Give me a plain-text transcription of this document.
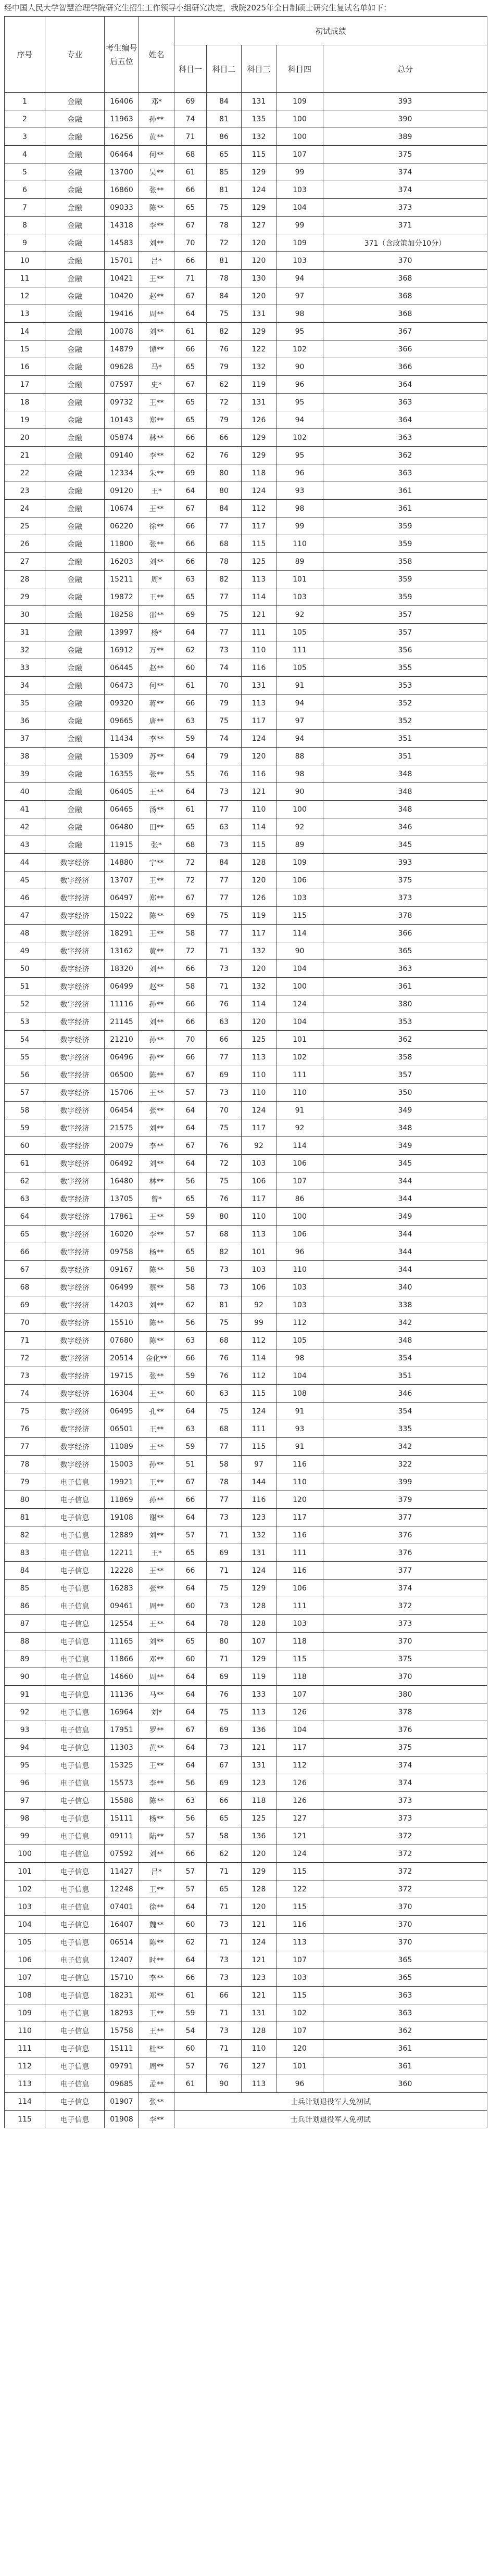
经中国人民大学智慧治理学院研究生招生工作领导小组研究决定，我院2025年全日制硕士研究生复试名单如下：
序号	专业	考生编号后五位	姓名	初试成绩				
				科目一	科目二	科目三	科目四	总分
1	金融	16406	邓*	69	84	131	109	393
2	金融	11963	孙**	74	81	135	100	390
3	金融	16256	黄**	71	86	132	100	389
4	金融	06464	何**	68	65	115	107	375
5	金融	13700	吴**	61	85	129	99	374
6	金融	16860	张**	66	81	124	103	374
7	金融	09033	陈**	65	75	129	104	373
8	金融	14318	李**	67	78	127	99	371
9	金融	14583	刘**	70	72	120	109	371（含政策加分10分）
10	金融	15701	吕*	66	81	120	103	370
11	金融	10421	王**	71	78	130	94	368
12	金融	10420	赵**	67	84	120	97	368
13	金融	19416	周**	64	75	131	98	368
14	金融	10078	刘**	61	82	129	95	367
15	金融	14879	谭**	66	76	122	102	366
16	金融	09628	马*	65	79	132	90	366
17	金融	07597	史*	67	62	119	96	364
18	金融	09732	王**	65	72	131	95	363
19	金融	10143	郑**	65	79	126	94	364
20	金融	05874	林**	66	66	129	102	363
21	金融	09140	李**	62	76	129	95	362
22	金融	12334	朱**	69	80	118	96	363
23	金融	09120	王*	64	80	124	93	361
24	金融	10674	王**	67	84	112	98	361
25	金融	06220	徐**	66	77	117	99	359
26	金融	11800	张**	66	68	115	110	359
27	金融	16203	刘**	66	78	125	89	358
28	金融	15211	周*	63	82	113	101	359
29	金融	19872	王**	65	77	114	103	359
30	金融	18258	邵**	69	75	121	92	357
31	金融	13997	杨*	64	77	111	105	357
32	金融	16912	万**	62	73	110	111	356
33	金融	06445	赵**	60	74	116	105	355
34	金融	06473	何**	61	70	131	91	353
35	金融	09320	蒋**	66	79	113	94	352
36	金融	09665	唐**	63	75	117	97	352
37	金融	11434	李**	59	74	124	94	351
38	金融	15309	苏**	64	79	120	88	351
39	金融	16355	张**	55	76	116	98	348
40	金融	06405	王**	64	73	121	90	348
41	金融	06465	汤**	61	77	110	100	348
42	金融	06480	田**	65	63	114	92	346
43	金融	11915	张*	68	73	115	89	345
44	数字经济	14880	宁**	72	84	128	109	393
45	数字经济	13707	王**	72	77	120	106	375
46	数字经济	06497	郑**	67	77	126	103	373
47	数字经济	15022	陈**	69	75	119	115	378
48	数字经济	18291	王**	58	77	117	114	366
49	数字经济	13162	黄**	72	71	132	90	365
50	数字经济	18320	刘**	66	73	120	104	363
51	数字经济	06499	赵**	58	71	132	100	361
52	数字经济	11116	孙**	66	76	114	124	380
53	数字经济	21145	刘**	66	63	120	104	353
54	数字经济	21210	孙**	70	66	125	101	362
55	数字经济	06496	孙**	66	77	113	102	358
56	数字经济	06500	陈**	67	69	110	111	357
57	数字经济	15706	王**	57	73	110	110	350
58	数字经济	06454	张**	64	70	124	91	349
59	数字经济	21575	刘**	64	75	117	92	348
60	数字经济	20079	李**	67	76	92	114	349
61	数字经济	06492	刘**	64	72	103	106	345
62	数字经济	16480	林**	56	75	106	107	344
63	数字经济	13705	曾*	65	76	117	86	344
64	数字经济	17861	王**	59	80	110	100	349
65	数字经济	16020	李**	57	68	113	106	344
66	数字经济	09758	杨**	65	82	101	96	344
67	数字经济	09167	陈**	58	73	103	110	344
68	数字经济	06499	蔡**	58	73	106	103	340
69	数字经济	14203	刘**	62	81	92	103	338
70	数字经济	15510	陈**	56	75	99	112	342
71	数字经济	07680	陈**	63	68	112	105	348
72	数字经济	20514	金化**	66	76	114	98	354
73	数字经济	19715	张**	59	76	112	104	351
74	数字经济	16304	王**	60	63	115	108	346
75	数字经济	06495	孔**	64	75	124	91	354
76	数字经济	06501	王**	63	68	111	93	335
77	数字经济	11089	王**	59	77	115	91	342
78	数字经济	15003	孙**	51	58	97	116	322
79	电子信息	19921	王**	67	78	144	110	399
80	电子信息	11869	孙**	66	77	116	120	379
81	电子信息	19108	谢**	64	73	123	117	377
82	电子信息	12889	刘**	57	71	132	116	376
83	电子信息	12211	王*	65	69	131	111	376
84	电子信息	12228	王**	66	71	124	116	377
85	电子信息	16283	张**	64	75	129	106	374
86	电子信息	09461	周**	60	73	128	111	372
87	电子信息	12554	王**	64	78	128	103	373
88	电子信息	11165	刘**	65	80	107	118	370
89	电子信息	11866	邓**	60	71	129	115	375
90	电子信息	14660	周**	64	69	119	118	370
91	电子信息	11136	马**	64	76	133	107	380
92	电子信息	16964	刘*	64	75	113	126	378
93	电子信息	17951	罗**	67	69	136	104	376
94	电子信息	11303	黄**	64	73	121	117	375
95	电子信息	15325	王**	64	67	131	112	374
96	电子信息	15573	李**	56	69	123	126	374
97	电子信息	15588	陈**	63	66	118	126	373
98	电子信息	15111	杨**	56	65	125	127	373
99	电子信息	09111	陆**	57	58	136	121	372
100	电子信息	07592	刘**	66	62	120	124	372
101	电子信息	11427	吕*	57	71	129	115	372
102	电子信息	12248	王**	57	65	128	122	372
103	电子信息	07401	徐**	64	71	120	115	370
104	电子信息	16407	魏**	60	73	121	116	370
105	电子信息	06514	陈**	62	71	124	113	370
106	电子信息	12407	时**	64	73	121	107	365
107	电子信息	15710	李**	66	73	123	103	365
108	电子信息	18231	郑**	61	66	121	115	363
109	电子信息	18293	王**	59	71	131	102	363
110	电子信息	15758	王**	54	73	128	107	362
111	电子信息	15111	杜**	60	71	110	120	361
112	电子信息	09791	周**	57	76	127	101	361
113	电子信息	09685	孟**	61	90	113	96	360
114	电子信息	01907	张**	士兵计划退役军人免初试				
115	电子信息	01908	李**	士兵计划退役军人免初试				
